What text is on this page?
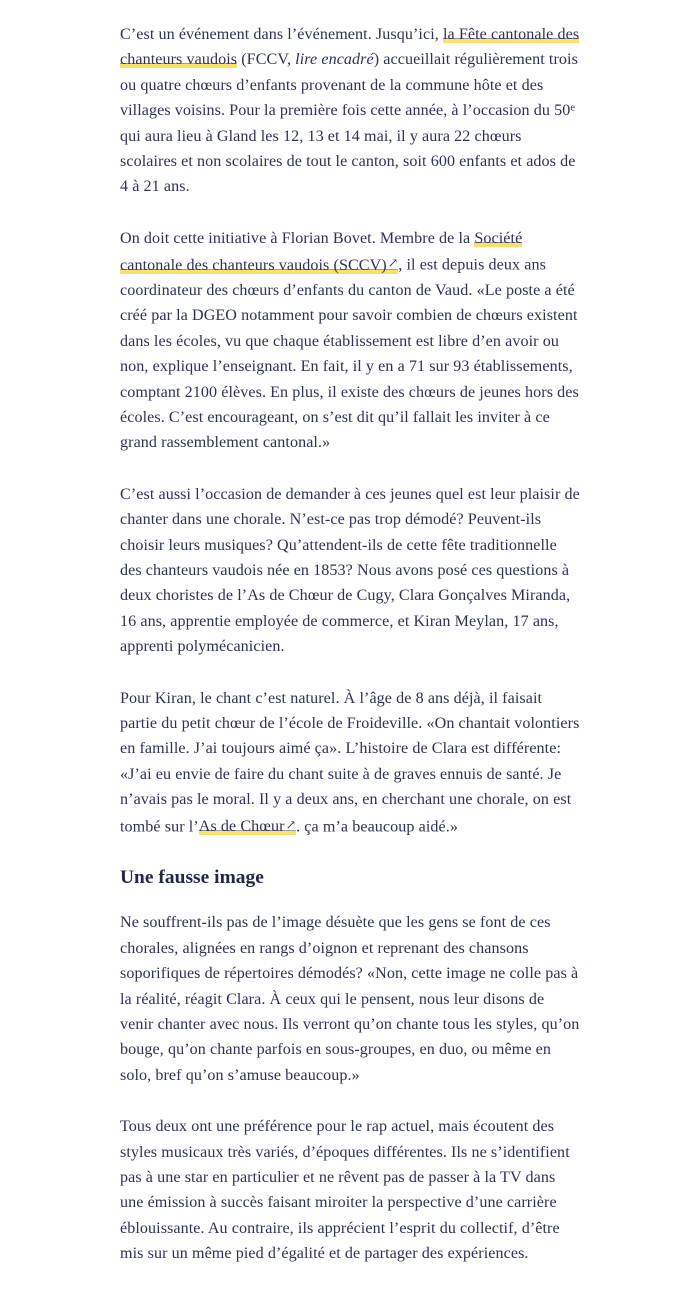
C’est un événement dans l’événement. Jusqu’ici, la Fête cantonale des chanteurs vaudois (FCCV, lire encadré) accueillait régulièrement trois ou quatre chœurs d’enfants provenant de la commune hôte et des villages voisins. Pour la première fois cette année, à l’occasion du 50e qui aura lieu à Gland les 12, 13 et 14 mai, il y aura 22 chœurs scolaires et non scolaires de tout le canton, soit 600 enfants et ados de 4 à 21 ans.

On doit cette initiative à Florian Bovet. Membre de la Société cantonale des chanteurs vaudois (SCCV)↗, il est depuis deux ans coordinateur des chœurs d’enfants du canton de Vaud. «Le poste a été créé par la DGEO notamment pour savoir combien de chœurs existent dans les écoles, vu que chaque établissement est libre d’en avoir ou non, explique l’enseignant. En fait, il y en a 71 sur 93 établissements, comptant 2100 élèves. En plus, il existe des chœurs de jeunes hors des écoles. C’est encourageant, on s’est dit qu’il fallait les inviter à ce grand rassemblement cantonal.»

C’est aussi l’occasion de demander à ces jeunes quel est leur plaisir de chanter dans une chorale. N’est-ce pas trop démodé? Peuvent-ils choisir leurs musiques? Qu’attendent-ils de cette fête traditionnelle des chanteurs vaudois née en 1853? Nous avons posé ces questions à deux choristes de l’As de Chœur de Cugy, Clara Gonçalves Miranda, 16 ans, apprentie employée de commerce, et Kiran Meylan, 17 ans, apprenti polymécanicien.

Pour Kiran, le chant c’est naturel. À l’âge de 8 ans déjà, il faisait partie du petit chœur de l’école de Froideville. «On chantait volontiers en famille. J’ai toujours aimé ça». L’histoire de Clara est différente: «J’ai eu envie de faire du chant suite à de graves ennuis de santé. Je n’avais pas le moral. Il y a deux ans, en cherchant une chorale, on est tombé sur l’As de Chœur↗. ça m’a beaucoup aidé.»

Une fausse image

Ne souffrent-ils pas de l’image désuète que les gens se font de ces chorales, alignées en rangs d’oignon et reprenant des chansons soporifiques de répertoires démodés? «Non, cette image ne colle pas à la réalité, réagit Clara. À ceux qui le pensent, nous leur disons de venir chanter avec nous. Ils verront qu’on chante tous les styles, qu’on bouge, qu’on chante parfois en sous-groupes, en duo, ou même en solo, bref qu’on s’amuse beaucoup.»

Tous deux ont une préférence pour le rap actuel, mais écoutent des styles musicaux très variés, d’époques différentes. Ils ne s’identifient pas à une star en particulier et ne rêvent pas de passer à la TV dans une émission à succès faisant miroiter la perspective d’une carrière éblouissante. Au contraire, ils apprécient l’esprit du collectif, d’être mis sur un même pied d’égalité et de partager des expériences.
